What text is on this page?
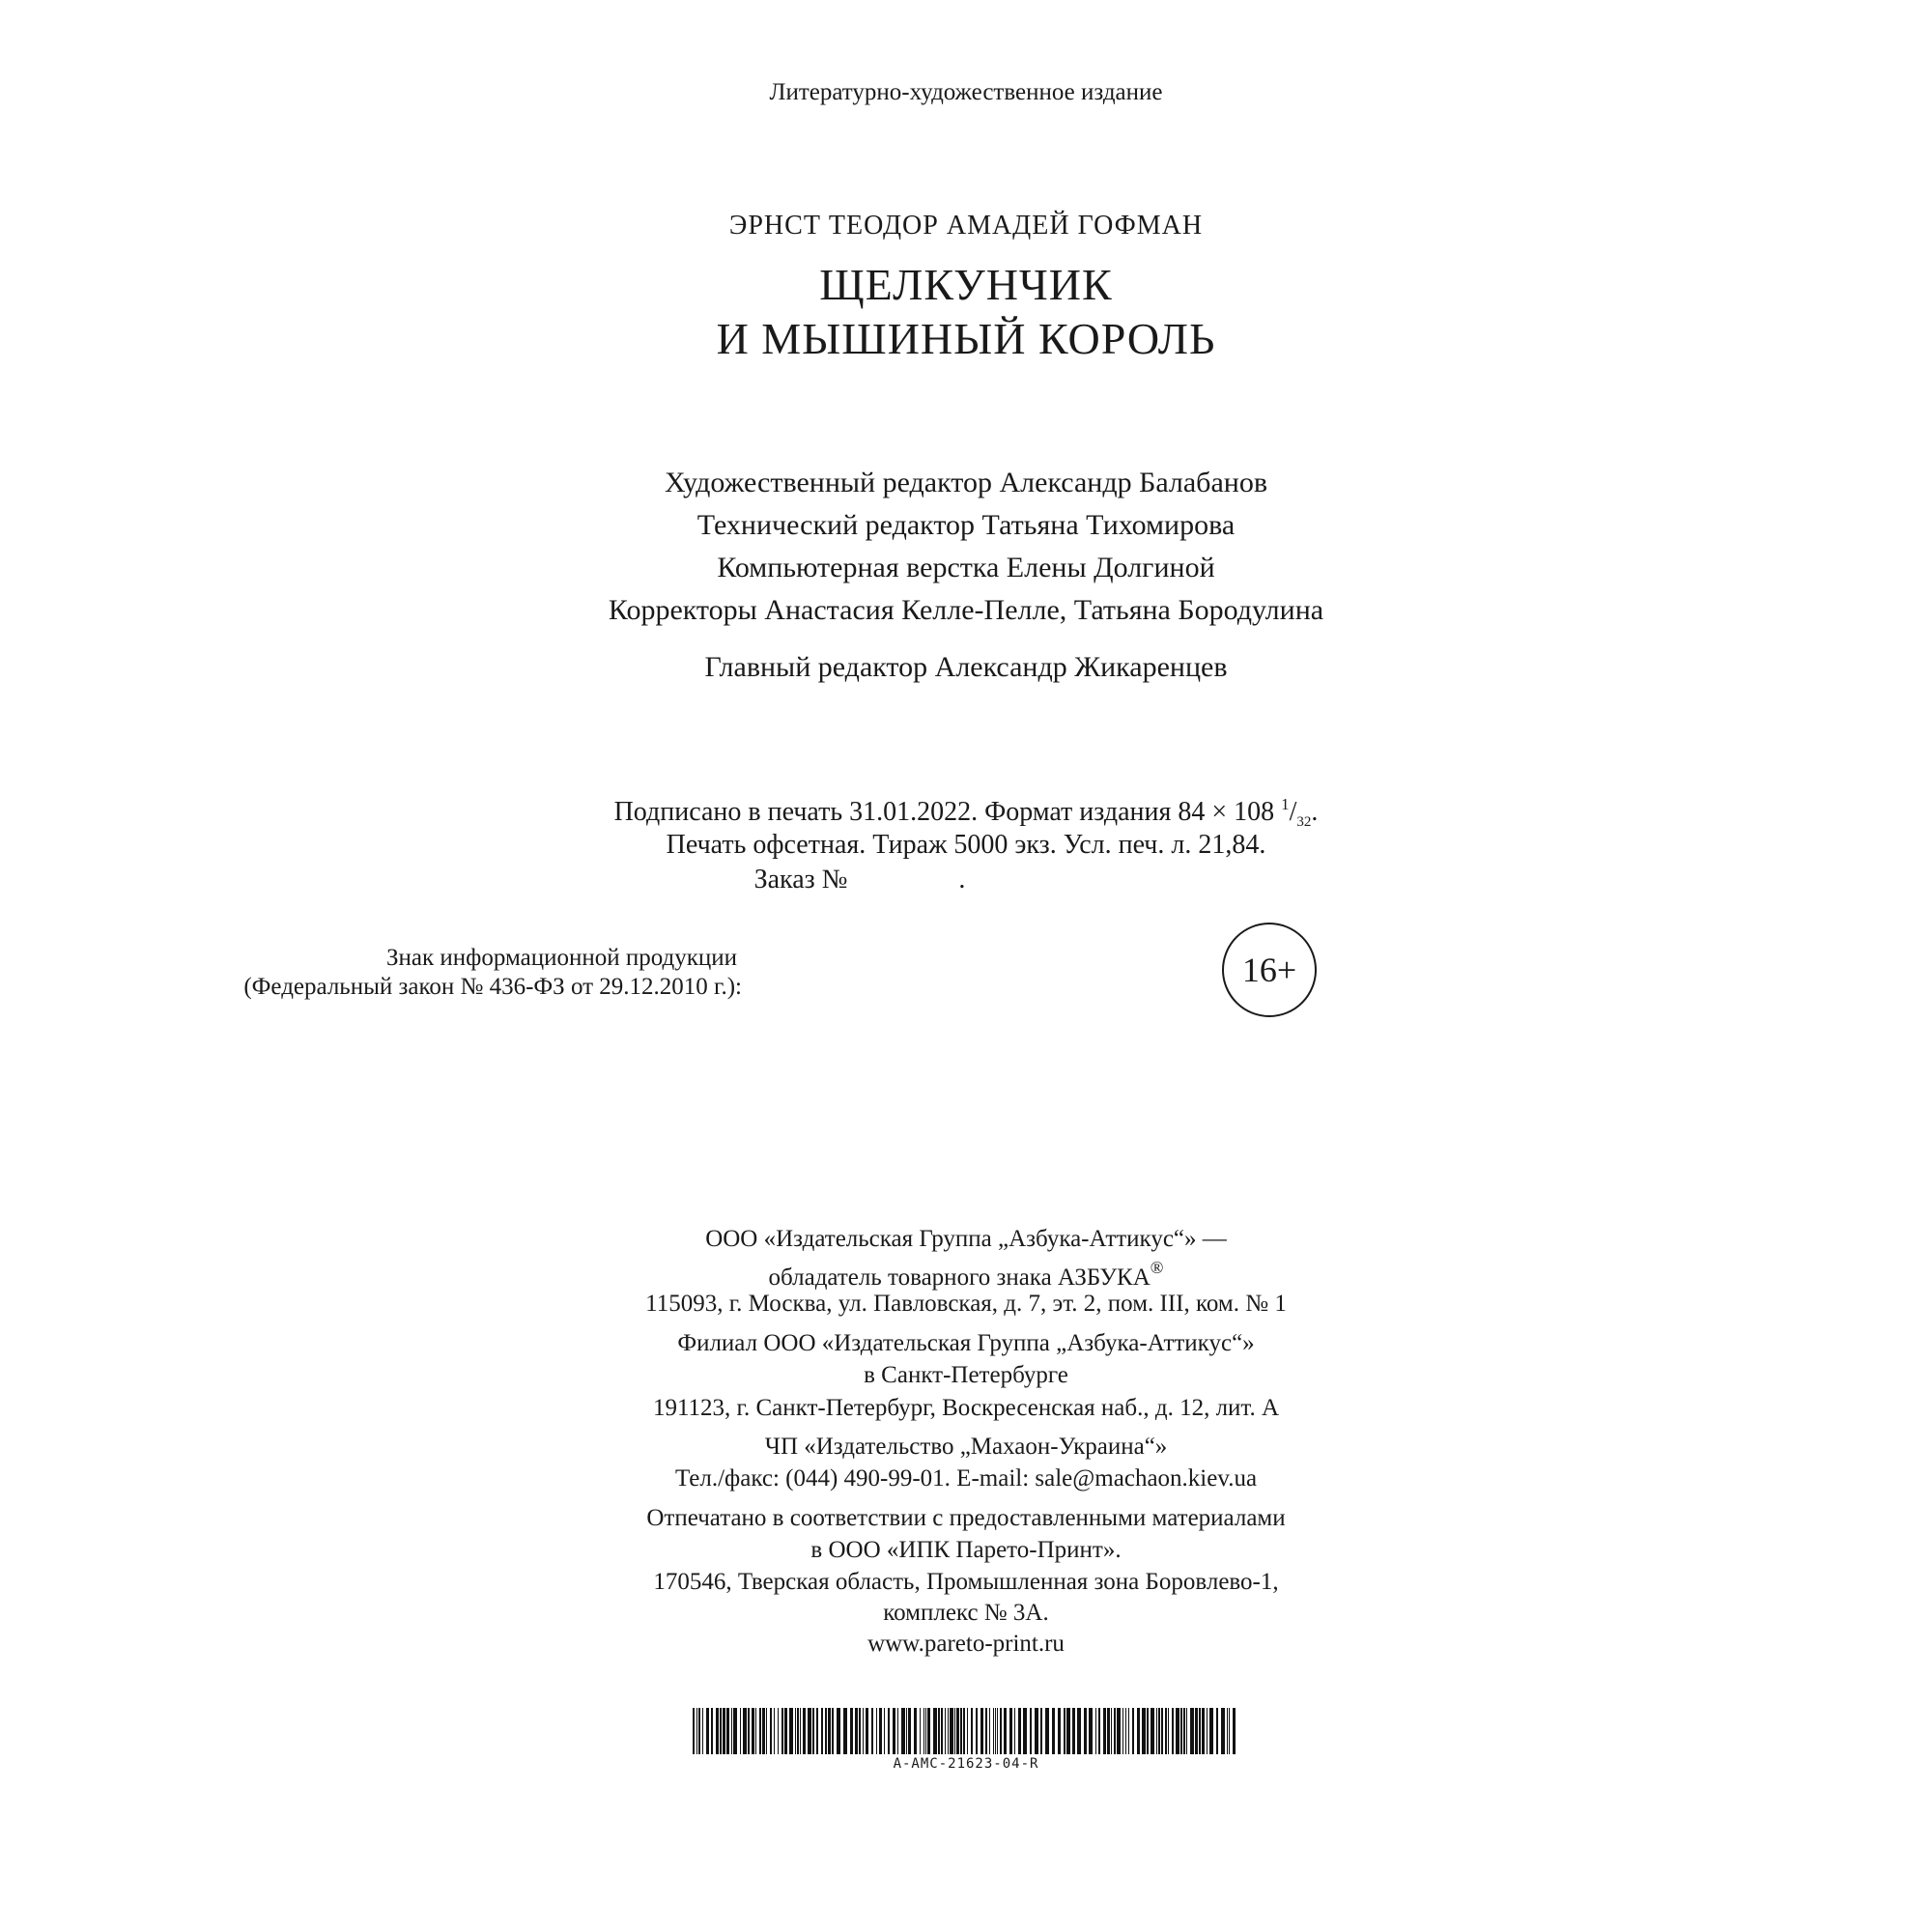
Литературно-художественное издание
ЭРНСТ ТЕОДОР АМАДЕЙ ГОФМАН
ЩЕЛКУНЧИК
И МЫШИНЫЙ КОРОЛЬ
Художественный редактор Александр Балабанов
Технический редактор Татьяна Тихомирова
Компьютерная верстка Елены Долгиной
Корректоры Анастасия Келле-Пелле, Татьяна Бородулина
Главный редактор Александр Жикаренцев
Подписано в печать 31.01.2022. Формат издания 84 × 108 $^1/_{32}$.
Печать офсетная. Тираж 5000 экз. Усл. печ. л. 21,84.
Заказ №	.
Знак информационной продукции
(Федеральный закон № 436-ФЗ от 29.12.2010 г.):	16+
ООО «Издательская Группа „Азбука-Аттикус“» —
обладатель товарного знака АЗБУКА®
115093, г. Москва, ул. Павловская, д. 7, эт. 2, пом. III, ком. № 1
Филиал ООО «Издательская Группа „Азбука-Аттикус“»
в Санкт-Петербурге
191123, г. Санкт-Петербург, Воскресенская наб., д. 12, лит. А
ЧП «Издательство „Махаон-Украина“»
Тел./факс: (044) 490-99-01. E-mail: sale@machaon.kiev.ua
Отпечатано в соответствии с предоставленными материалами
в ООО «ИПК Парето-Принт».
170546, Тверская область, Промышленная зона Боровлево-1,
комплекс № 3А.
www.pareto-print.ru
A-AMC-21623-04-R
